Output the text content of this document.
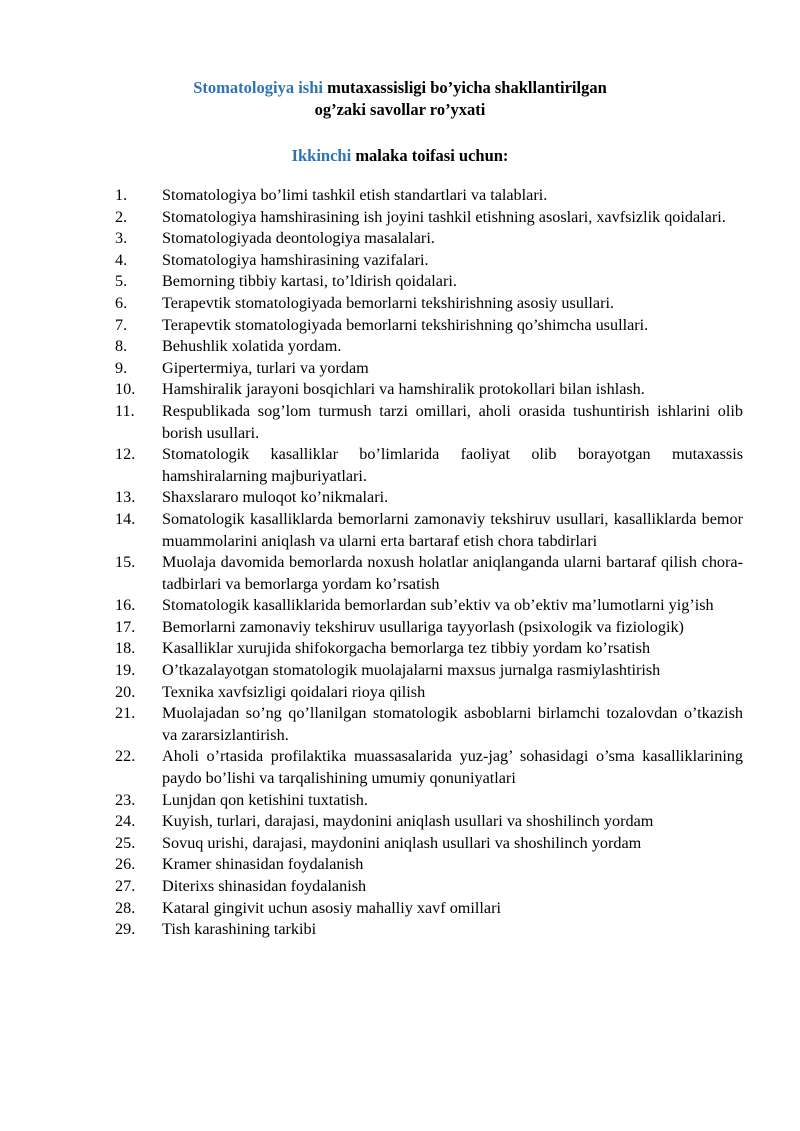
Stomatologiya ishi mutaxassisligi bo’yicha shakllantirilgan
og’zaki savollar ro’yxati
Ikkinchi malaka toifasi uchun:
1.	Stomatologiya bo’limi tashkil etish standartlari va talablari.
2.	Stomatologiya hamshirasining ish joyini tashkil etishning asoslari, xavfsizlik qoidalari.
3.	Stomatologiyada deontologiya masalalari.
4.	Stomatologiya hamshirasining vazifalari.
5.	Bemorning tibbiy kartasi, to’ldirish qoidalari.
6.	Terapevtik stomatologiyada bemorlarni tekshirishning asosiy usullari.
7.	Terapevtik stomatologiyada bemorlarni tekshirishning qo’shimcha usullari.
8.	Behushlik xolatida yordam.
9.	Gipertermiya, turlari va yordam
10.	Hamshiralik jarayoni bosqichlari va hamshiralik protokollari bilan ishlash.
11.	Respublikada sog’lom turmush tarzi omillari, aholi orasida tushuntirish ishlarini olib borish usullari.
12.	Stomatologik kasalliklar bo’limlarida faoliyat olib borayotgan mutaxassis hamshiralarning majburiyatlari.
13.	Shaxslararo muloqot ko’nikmalari.
14.	Somatologik kasalliklarda bemorlarni zamonaviy tekshiruv usullari, kasalliklarda bemor muammolarini aniqlash va ularni erta bartaraf etish chora tabdirlari
15.	Muolaja davomida bemorlarda noxush holatlar aniqlanganda ularni bartaraf qilish chora-tadbirlari va bemorlarga yordam ko’rsatish
16.	Stomatologik kasalliklarida bemorlardan sub’ektiv va ob’ektiv ma’lumotlarni yig’ish
17.	Bemorlarni zamonaviy tekshiruv usullariga tayyorlash (psixologik va fiziologik)
18.	Kasalliklar xurujida shifokorgacha bemorlarga tez tibbiy yordam ko’rsatish
19.	O’tkazalayotgan stomatologik muolajalarni maxsus jurnalga rasmiylashtirish
20.	Texnika xavfsizligi qoidalari rioya qilish
21.	Muolajadan so’ng qo’llanilgan stomatologik asboblarni birlamchi tozalovdan o’tkazish va zararsizlantirish.
22.	Aholi o’rtasida profilaktika muassasalarida yuz-jag’ sohasidagi o’sma kasalliklarining paydo bo’lishi va tarqalishining umumiy qonuniyatlari
23.	Lunjdan qon ketishini tuxtatish.
24.	Kuyish, turlari, darajasi, maydonini aniqlash usullari va shoshilinch yordam
25.	Sovuq urishi, darajasi, maydonini aniqlash usullari va shoshilinch yordam
26.	Kramer shinasidan foydalanish
27.	Diterixs shinasidan foydalanish
28.	Kataral gingivit uchun asosiy mahalliy xavf omillari
29.	Tish karashining tarkibi
